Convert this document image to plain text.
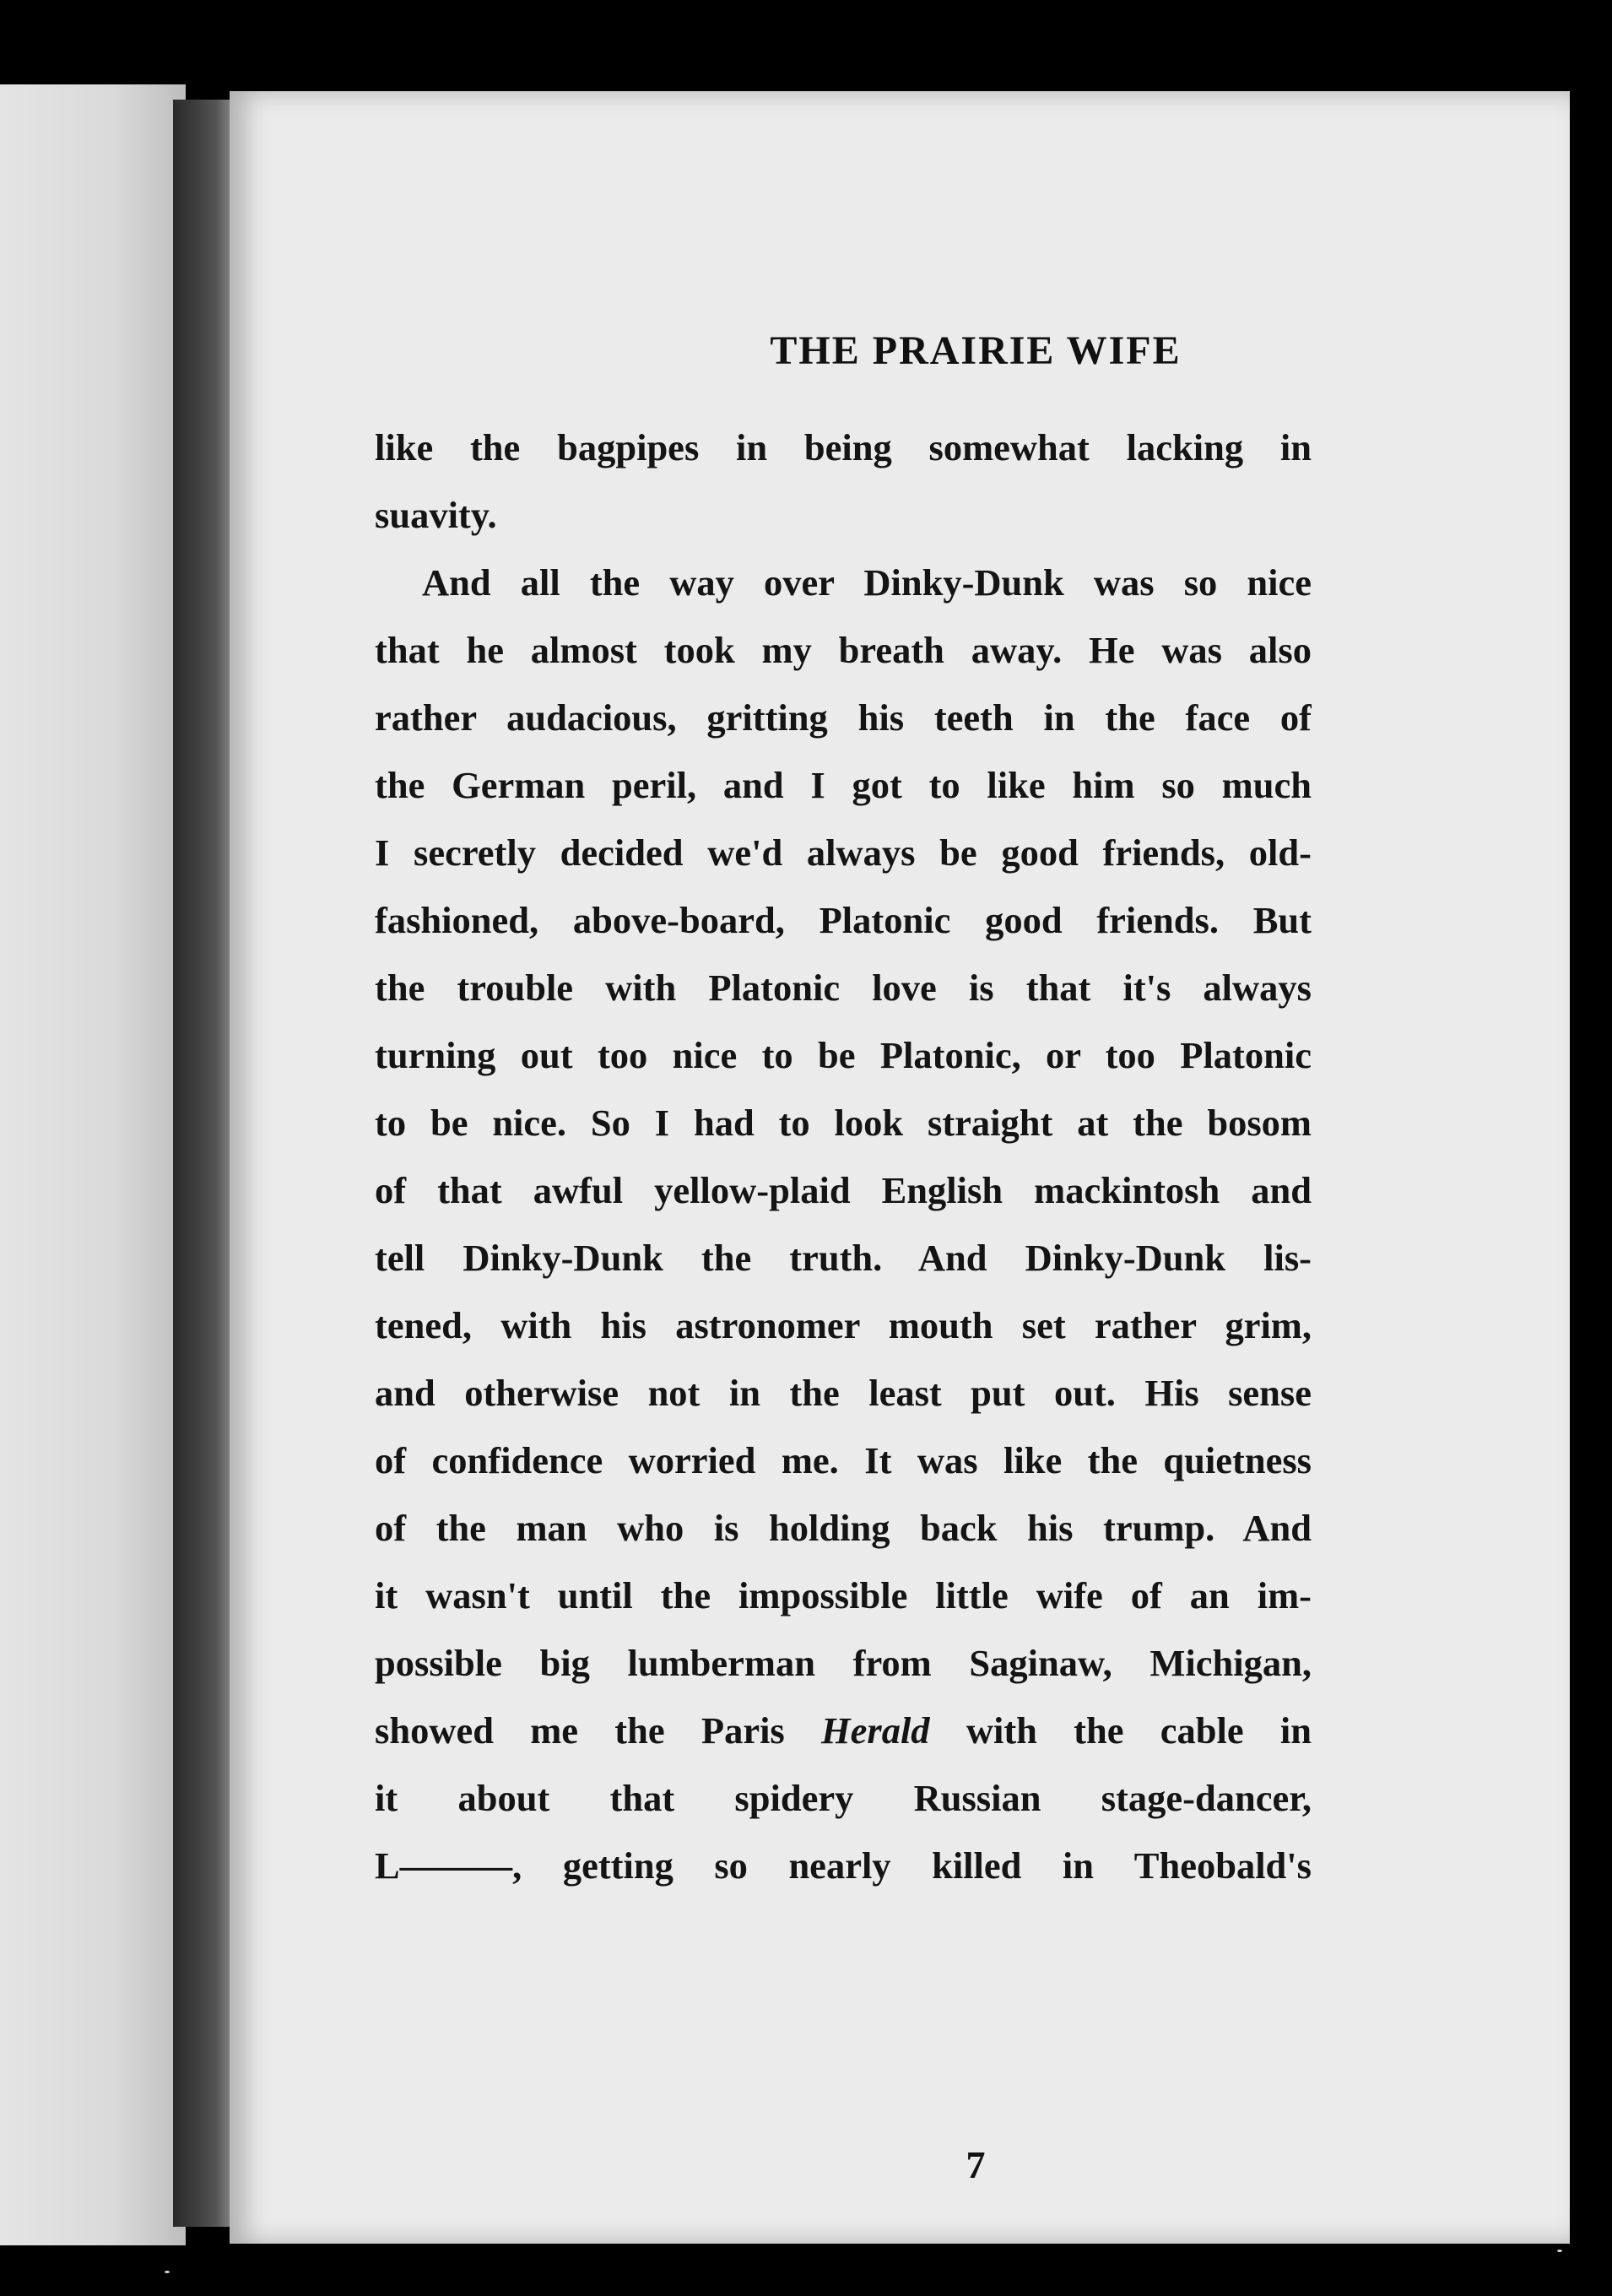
THE PRAIRIE WIFE
like the bagpipes in being somewhat lacking in
suavity.
And all the way over Dinky-Dunk was so nice
that he almost took my breath away. He was also
rather audacious, gritting his teeth in the face of
the German peril, and I got to like him so much
I secretly decided we'd always be good friends, old-
fashioned, above-board, Platonic good friends. But
the trouble with Platonic love is that it's always
turning out too nice to be Platonic, or too Platonic
to be nice. So I had to look straight at the bosom
of that awful yellow-plaid English mackintosh and
tell Dinky-Dunk the truth. And Dinky-Dunk lis-
tened, with his astronomer mouth set rather grim,
and otherwise not in the least put out. His sense
of confidence worried me. It was like the quietness
of the man who is holding back his trump. And
it wasn't until the impossible little wife of an im-
possible big lumberman from Saginaw, Michigan,
showed me the Paris Herald with the cable in
it about that spidery Russian stage-dancer,
L———, getting so nearly killed in Theobald's
7
